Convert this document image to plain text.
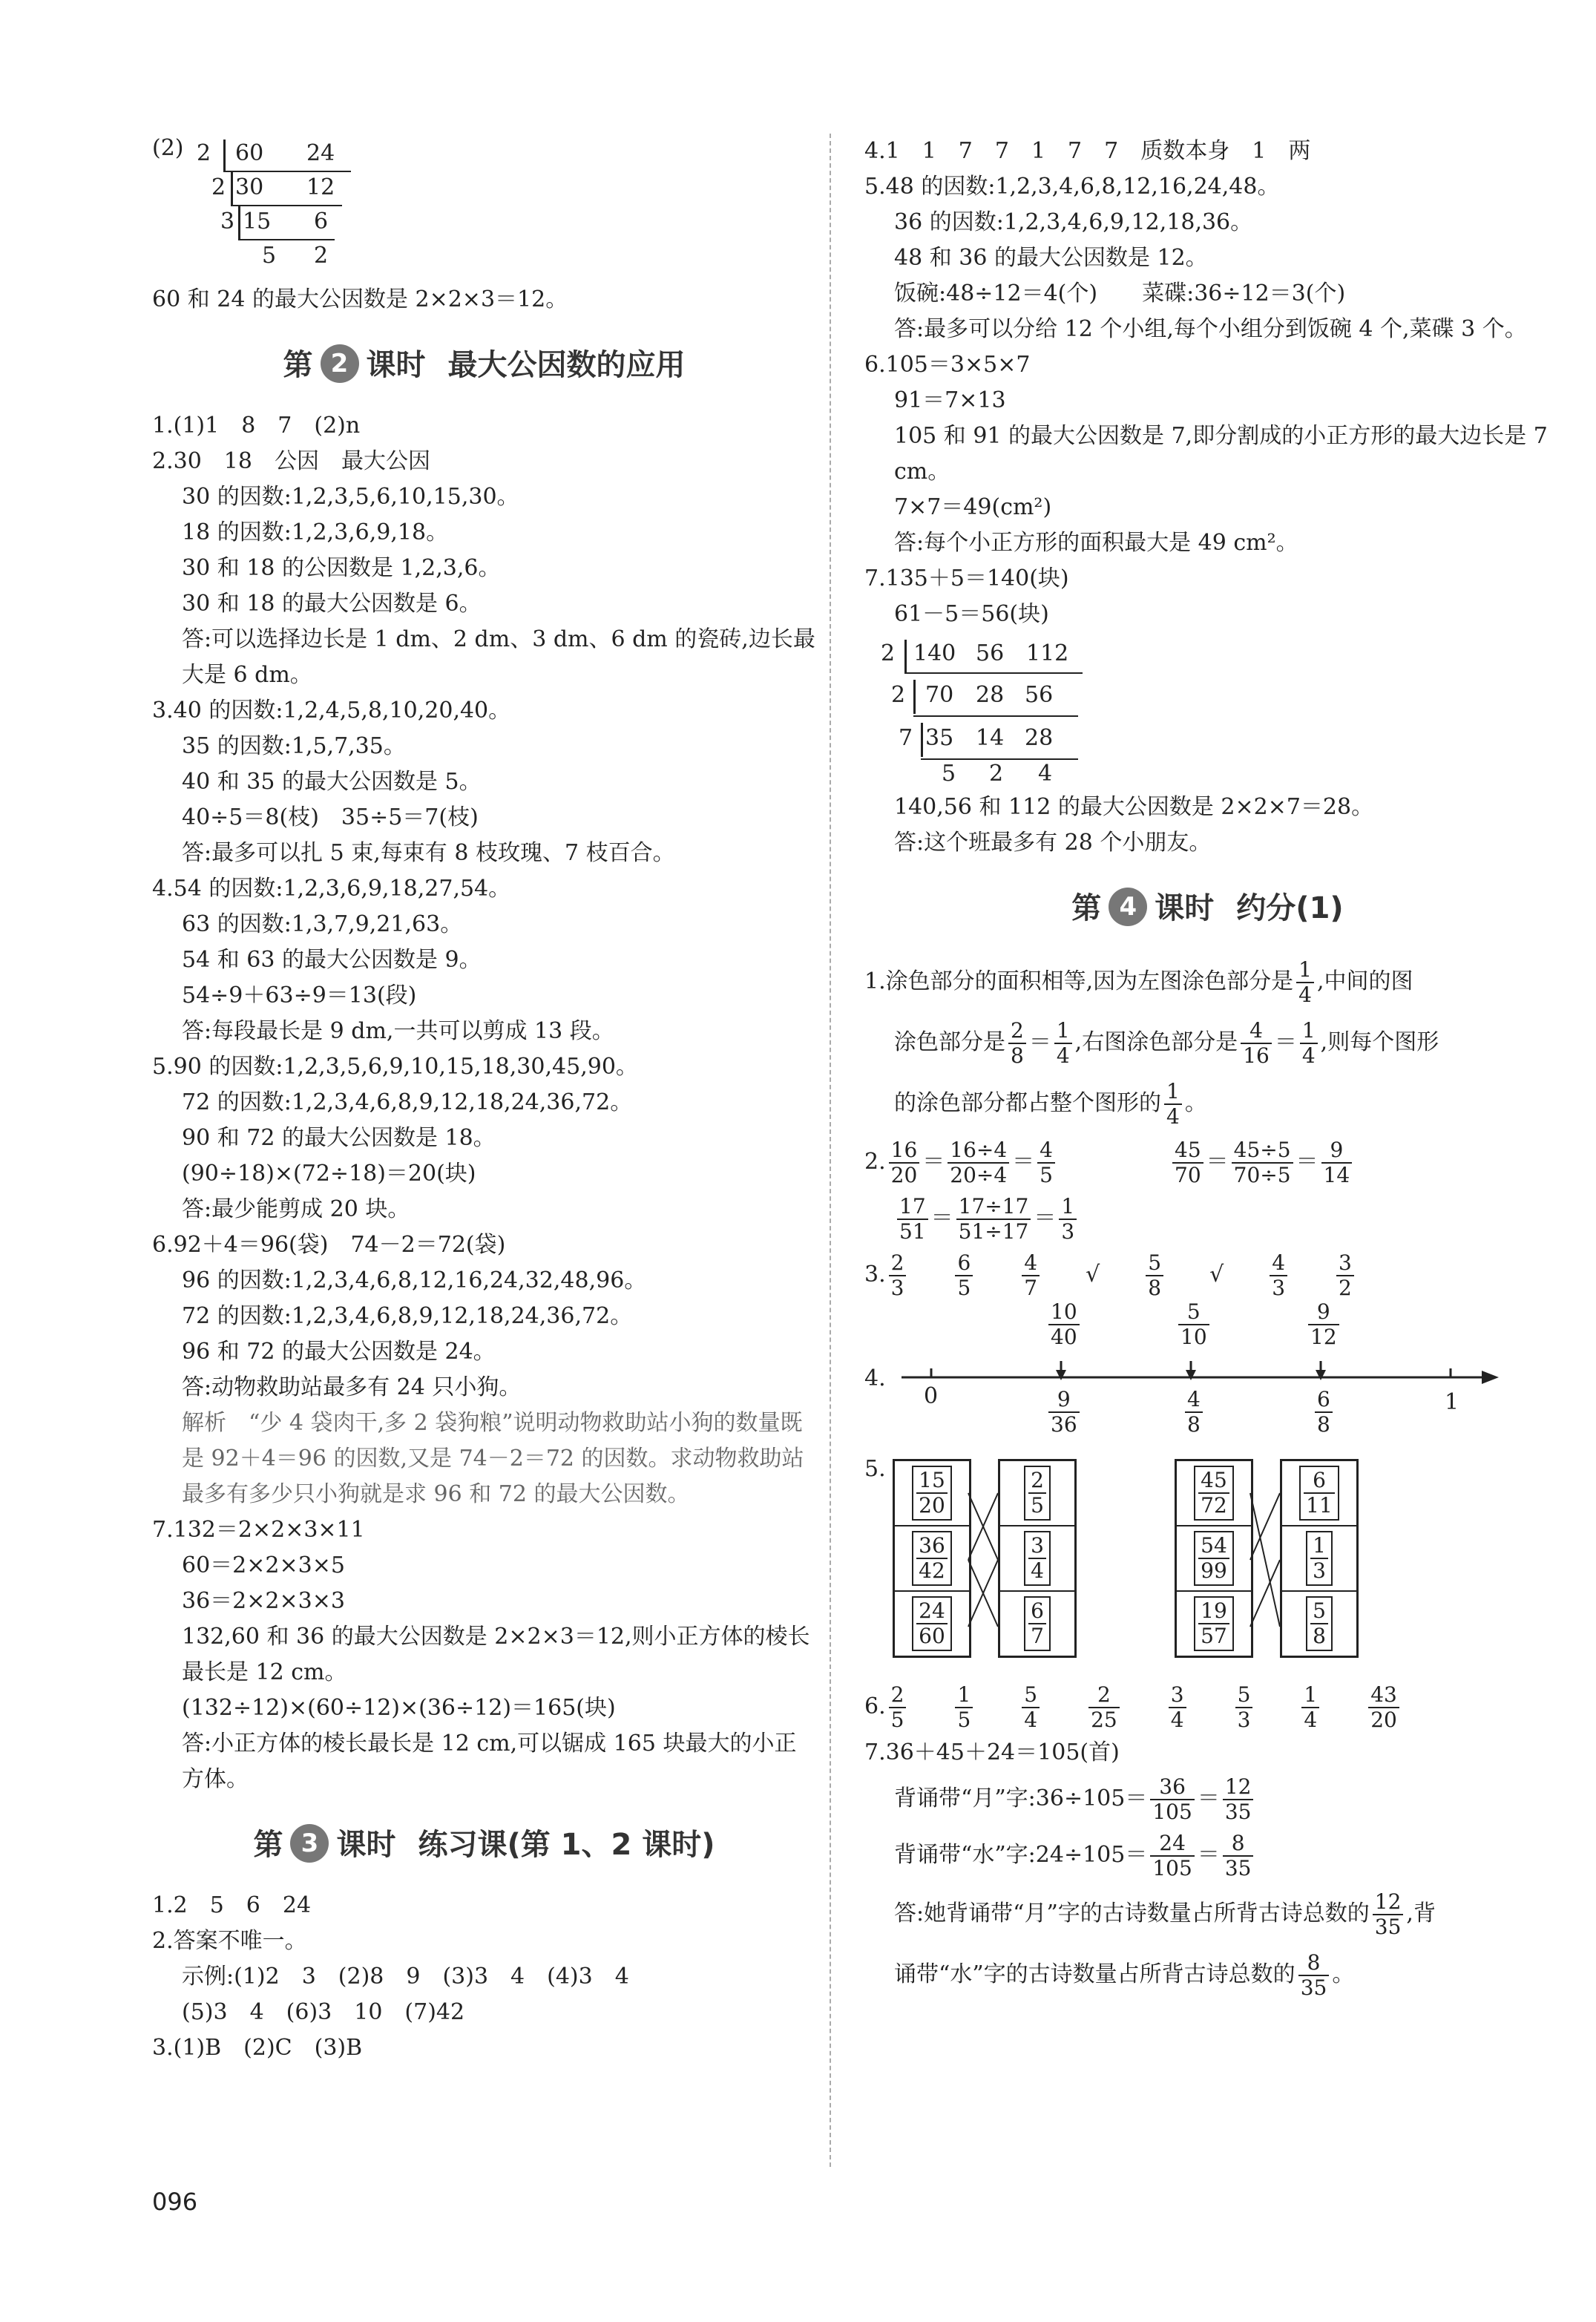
(2) 2 60 24
2 30 12
3 15 6
5 2
60 和 24 的最大公因数是 2×2×3＝12。
第 2 课时 最大公因数的应用
1.(1)1　8　7　(2)n
2.30　18　公因　最大公因
30 的因数:1,2,3,5,6,10,15,30。
18 的因数:1,2,3,6,9,18。
30 和 18 的公因数是 1,2,3,6。
30 和 18 的最大公因数是 6。
答:可以选择边长是 1 dm、2 dm、3 dm、6 dm 的瓷砖,边长最大是 6 dm。
3.40 的因数:1,2,4,5,8,10,20,40。
35 的因数:1,5,7,35。
40 和 35 的最大公因数是 5。
40÷5＝8(枝)　35÷5＝7(枝)
答:最多可以扎 5 束,每束有 8 枝玫瑰、7 枝百合。
4.54 的因数:1,2,3,6,9,18,27,54。
63 的因数:1,3,7,9,21,63。
54 和 63 的最大公因数是 9。
54÷9＋63÷9＝13(段)
答:每段最长是 9 dm,一共可以剪成 13 段。
5.90 的因数:1,2,3,5,6,9,10,15,18,30,45,90。
72 的因数:1,2,3,4,6,8,9,12,18,24,36,72。
90 和 72 的最大公因数是 18。
(90÷18)×(72÷18)＝20(块)
答:最少能剪成 20 块。
6.92＋4＝96(袋)　74－2＝72(袋)
96 的因数:1,2,3,4,6,8,12,16,24,32,48,96。
72 的因数:1,2,3,4,6,8,9,12,18,24,36,72。
96 和 72 的最大公因数是 24。
答:动物救助站最多有 24 只小狗。
解析　“少 4 袋肉干,多 2 袋狗粮”说明动物救助站小狗的数量既是 92＋4＝96 的因数,又是 74－2＝72 的因数。求动物救助站最多有多少只小狗就是求 96 和 72 的最大公因数。
7.132＝2×2×3×11
60＝2×2×3×5
36＝2×2×3×3
132,60 和 36 的最大公因数是 2×2×3＝12,则小正方体的棱长最长是 12 cm。
(132÷12)×(60÷12)×(36÷12)＝165(块)
答:小正方体的棱长最长是 12 cm,可以锯成 165 块最大的小正方体。
第 3 课时 练习课(第 1、2 课时)
1.2　5　6　24
2.答案不唯一。
示例:(1)2　3　(2)8　9　(3)3　4　(4)3　4
(5)3　4　(6)3　10　(7)42
3.(1)B　(2)C　(3)B
4.1　1　7　7　1　7　7　质数本身　1　两
5.48 的因数:1,2,3,4,6,8,12,16,24,48。
36 的因数:1,2,3,4,6,9,12,18,36。
48 和 36 的最大公因数是 12。
饭碗:48÷12＝4(个)　　菜碟:36÷12＝3(个)
答:最多可以分给 12 个小组,每个小组分到饭碗 4 个,菜碟 3 个。
6.105＝3×5×7
91＝7×13
105 和 91 的最大公因数是 7,即分割成的小正方形的最大边长是 7 cm。
7×7＝49(cm²)
答:每个小正方形的面积最大是 49 cm²。
7.135＋5＝140(块)
61－5＝56(块)
2 140 56 112
2 70 28 56
7 35 14 28
5 2 4
140,56 和 112 的最大公因数是 2×2×7＝28。
答:这个班最多有 28 个小朋友。
第 4 课时 约分(1)
1.涂色部分的面积相等,因为左图涂色部分是 $\frac{1}{4}$ ,中间的图
涂色部分是 $\frac{2}{8} = \frac{1}{4}$ ,右图涂色部分是 $\frac{4}{16} = \frac{1}{4}$ ,则每个图形
的涂色部分都占整个图形的 $\frac{1}{4}$ 。
2. $\frac{16}{20} = \frac{16\div 4}{20\div 4} = \frac{4}{5}$	$\frac{45}{70} = \frac{45\div 5}{70\div 5} = \frac{9}{14}$
$\frac{17}{51} = \frac{17\div 17}{51\div 17} = \frac{1}{3}$
3. $\frac{2}{3} \frac{6}{5} \frac{4}{7}$ √ $\frac{5}{8}$ √ $\frac{4}{3} \frac{3}{2}$
4.
0	1
$\frac{10}{40}$	$\frac{5}{10}$	$\frac{9}{12}$
$\frac{9}{36}$	$\frac{4}{8}$	$\frac{6}{8}$
5. $\frac{15}{20}$
$\frac{36}{42}$
$\frac{24}{60}$
$\frac{2}{5}$
$\frac{3}{4}$
$\frac{6}{7}$
$\frac{45}{72}$
$\frac{54}{99}$
$\frac{19}{57}$
$\frac{6}{11}$
$\frac{1}{3}$
$\frac{5}{8}$
6. $\frac{2}{5} \frac{1}{5} \frac{5}{4} \frac{2}{25} \frac{3}{4} \frac{5}{3} \frac{1}{4} \frac{43}{20}$
7.36＋45＋24＝105(首)
背诵带“月”字:36÷105＝ $\frac{36}{105} = \frac{12}{35}$
背诵带“水”字:24÷105＝ $\frac{24}{105} = \frac{8}{35}$
答:她背诵带“月”字的古诗数量占所背古诗总数的 $\frac{12}{35}$ ,背
诵带“水”字的古诗数量占所背古诗总数的 $\frac{8}{35}$ 。
096
